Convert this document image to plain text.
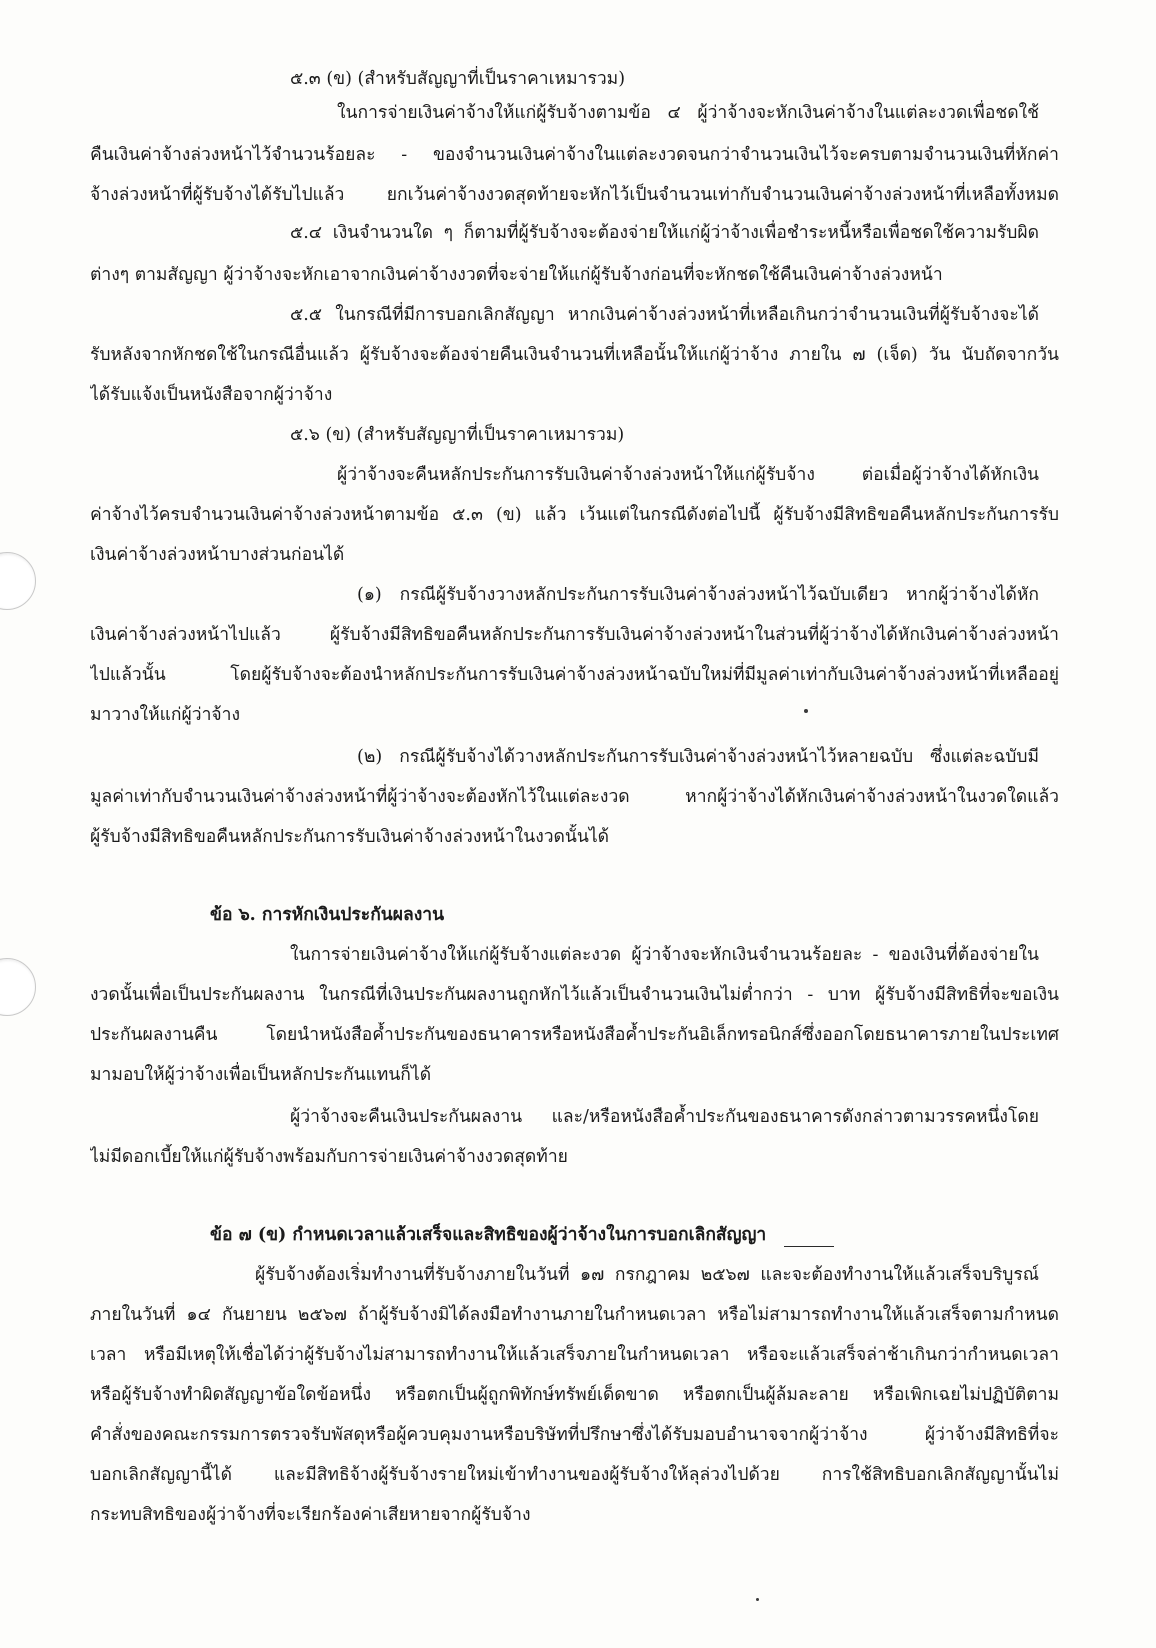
๕.๓ (ข) (สำหรับสัญญาที่เป็นราคาเหมารวม)
ในการจ่ายเงินค่าจ้างให้แก่ผู้รับจ้างตามข้อ ๔ ผู้ว่าจ้างจะหักเงินค่าจ้างในแต่ละงวดเพื่อชดใช้
คืนเงินค่าจ้างล่วงหน้าไว้จำนวนร้อยละ - ของจำนวนเงินค่าจ้างในแต่ละงวดจนกว่าจำนวนเงินไว้จะครบตามจำนวนเงินที่หักค่า
จ้างล่วงหน้าที่ผู้รับจ้างได้รับไปแล้ว ยกเว้นค่าจ้างงวดสุดท้ายจะหักไว้เป็นจำนวนเท่ากับจำนวนเงินค่าจ้างล่วงหน้าที่เหลือทั้งหมด
๕.๔ เงินจำนวนใด ๆ ก็ตามที่ผู้รับจ้างจะต้องจ่ายให้แก่ผู้ว่าจ้างเพื่อชำระหนี้หรือเพื่อชดใช้ความรับผิด
ต่างๆ ตามสัญญา ผู้ว่าจ้างจะหักเอาจากเงินค่าจ้างงวดที่จะจ่ายให้แก่ผู้รับจ้างก่อนที่จะหักชดใช้คืนเงินค่าจ้างล่วงหน้า
๕.๕ ในกรณีที่มีการบอกเลิกสัญญา หากเงินค่าจ้างล่วงหน้าที่เหลือเกินกว่าจำนวนเงินที่ผู้รับจ้างจะได้
รับหลังจากหักชดใช้ในกรณีอื่นแล้ว ผู้รับจ้างจะต้องจ่ายคืนเงินจำนวนที่เหลือนั้นให้แก่ผู้ว่าจ้าง ภายใน ๗ (เจ็ด) วัน นับถัดจากวัน
ได้รับแจ้งเป็นหนังสือจากผู้ว่าจ้าง
๕.๖ (ข) (สำหรับสัญญาที่เป็นราคาเหมารวม)
ผู้ว่าจ้างจะคืนหลักประกันการรับเงินค่าจ้างล่วงหน้าให้แก่ผู้รับจ้าง ต่อเมื่อผู้ว่าจ้างได้หักเงิน
ค่าจ้างไว้ครบจำนวนเงินค่าจ้างล่วงหน้าตามข้อ ๕.๓ (ข) แล้ว เว้นแต่ในกรณีดังต่อไปนี้ ผู้รับจ้างมีสิทธิขอคืนหลักประกันการรับ
เงินค่าจ้างล่วงหน้าบางส่วนก่อนได้
(๑) กรณีผู้รับจ้างวางหลักประกันการรับเงินค่าจ้างล่วงหน้าไว้ฉบับเดียว หากผู้ว่าจ้างได้หัก
เงินค่าจ้างล่วงหน้าไปแล้ว ผู้รับจ้างมีสิทธิขอคืนหลักประกันการรับเงินค่าจ้างล่วงหน้าในส่วนที่ผู้ว่าจ้างได้หักเงินค่าจ้างล่วงหน้า
ไปแล้วนั้น โดยผู้รับจ้างจะต้องนำหลักประกันการรับเงินค่าจ้างล่วงหน้าฉบับใหม่ที่มีมูลค่าเท่ากับเงินค่าจ้างล่วงหน้าที่เหลืออยู่
มาวางให้แก่ผู้ว่าจ้าง
(๒) กรณีผู้รับจ้างได้วางหลักประกันการรับเงินค่าจ้างล่วงหน้าไว้หลายฉบับ ซึ่งแต่ละฉบับมี
มูลค่าเท่ากับจำนวนเงินค่าจ้างล่วงหน้าที่ผู้ว่าจ้างจะต้องหักไว้ในแต่ละงวด หากผู้ว่าจ้างได้หักเงินค่าจ้างล่วงหน้าในงวดใดแล้ว
ผู้รับจ้างมีสิทธิขอคืนหลักประกันการรับเงินค่าจ้างล่วงหน้าในงวดนั้นได้
ข้อ ๖. การหักเงินประกันผลงาน
ในการจ่ายเงินค่าจ้างให้แก่ผู้รับจ้างแต่ละงวด ผู้ว่าจ้างจะหักเงินจำนวนร้อยละ - ของเงินที่ต้องจ่ายใน
งวดนั้นเพื่อเป็นประกันผลงาน ในกรณีที่เงินประกันผลงานถูกหักไว้แล้วเป็นจำนวนเงินไม่ต่ำกว่า - บาท ผู้รับจ้างมีสิทธิที่จะขอเงิน
ประกันผลงานคืน โดยนำหนังสือค้ำประกันของธนาคารหรือหนังสือค้ำประกันอิเล็กทรอนิกส์ซึ่งออกโดยธนาคารภายในประเทศ
มามอบให้ผู้ว่าจ้างเพื่อเป็นหลักประกันแทนก็ได้
ผู้ว่าจ้างจะคืนเงินประกันผลงาน และ/หรือหนังสือค้ำประกันของธนาคารดังกล่าวตามวรรคหนึ่งโดย
ไม่มีดอกเบี้ยให้แก่ผู้รับจ้างพร้อมกับการจ่ายเงินค่าจ้างงวดสุดท้าย
ข้อ ๗ (ข) กำหนดเวลาแล้วเสร็จและสิทธิของผู้ว่าจ้างในการบอกเลิกสัญญา
ผู้รับจ้างต้องเริ่มทำงานที่รับจ้างภายในวันที่ ๑๗ กรกฎาคม ๒๕๖๗ และจะต้องทำงานให้แล้วเสร็จบริบูรณ์
ภายในวันที่ ๑๔ กันยายน ๒๕๖๗ ถ้าผู้รับจ้างมิได้ลงมือทำงานภายในกำหนดเวลา หรือไม่สามารถทำงานให้แล้วเสร็จตามกำหนด
เวลา หรือมีเหตุให้เชื่อได้ว่าผู้รับจ้างไม่สามารถทำงานให้แล้วเสร็จภายในกำหนดเวลา หรือจะแล้วเสร็จล่าช้าเกินกว่ากำหนดเวลา
หรือผู้รับจ้างทำผิดสัญญาข้อใดข้อหนึ่ง หรือตกเป็นผู้ถูกพิทักษ์ทรัพย์เด็ดขาด หรือตกเป็นผู้ล้มละลาย หรือเพิกเฉยไม่ปฏิบัติตาม
คำสั่งของคณะกรรมการตรวจรับพัสดุหรือผู้ควบคุมงานหรือบริษัทที่ปรึกษาซึ่งได้รับมอบอำนาจจากผู้ว่าจ้าง ผู้ว่าจ้างมีสิทธิที่จะ
บอกเลิกสัญญานี้ได้ และมีสิทธิจ้างผู้รับจ้างรายใหม่เข้าทำงานของผู้รับจ้างให้ลุล่วงไปด้วย การใช้สิทธิบอกเลิกสัญญานั้นไม่
กระทบสิทธิของผู้ว่าจ้างที่จะเรียกร้องค่าเสียหายจากผู้รับจ้าง
